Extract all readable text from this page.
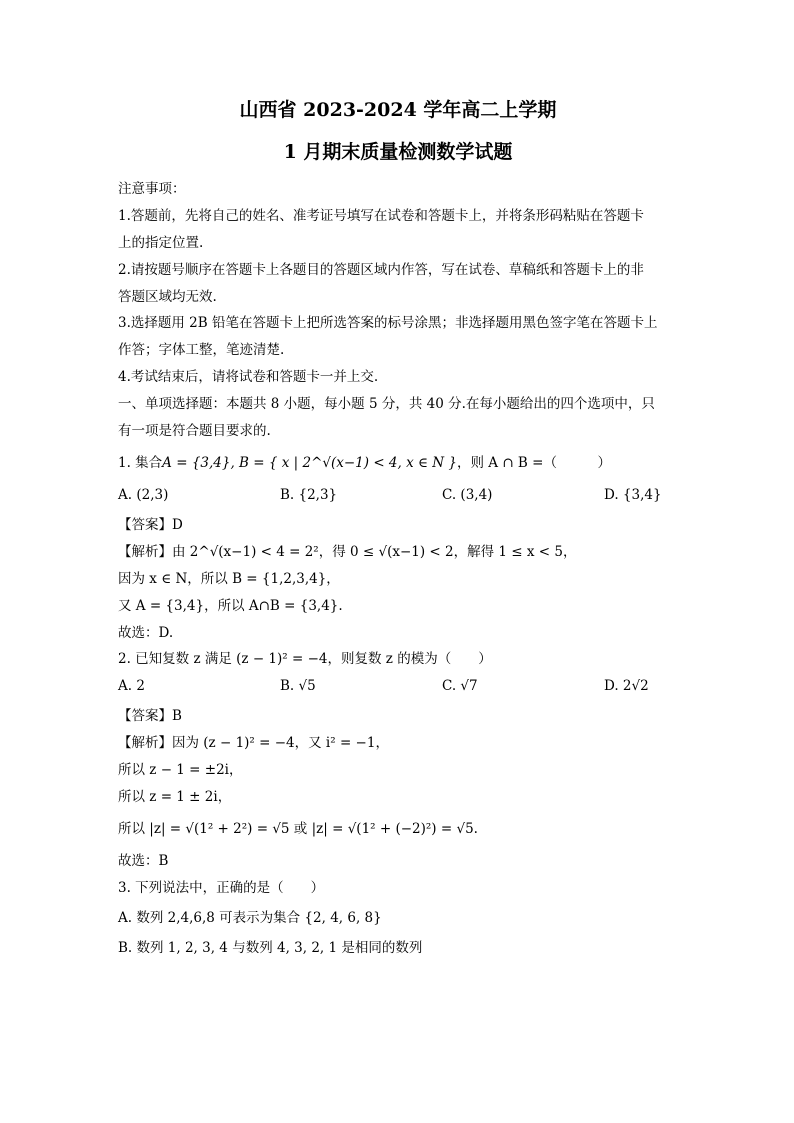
山西省 2023-2024 学年高二上学期

1 月期末质量检测数学试题

注意事项：

1.答题前，先将自己的姓名、准考证号填写在试卷和答题卡上，并将条形码粘贴在答题卡

上的指定位置.

2.请按题号顺序在答题卡上各题目的答题区域内作答，写在试卷、草稿纸和答题卡上的非

答题区域均无效.

3.选择题用 2B 铅笔在答题卡上把所选答案的标号涂黑；非选择题用黑色签字笔在答题卡上

作答；字体工整，笔迹清楚.

4.考试结束后，请将试卷和答题卡一并上交.

一、单项选择题：本题共 8 小题，每小题 5 分，共 40 分.在每小题给出的四个选项中，只

有一项是符合题目要求的.

1. 集合A = {3,4}, B = { x | 2^√(x−1) < 4, x ∈ N }，则 A ∩ B =（　　　）

A. (2,3)	B. {2,3}	C. (3,4)	D. {3,4}

【答案】D

【解析】由 2^√(x−1) < 4 = 2²，得 0 ≤ √(x−1) < 2，解得 1 ≤ x < 5，

因为 x ∈ N，所以 B = {1,2,3,4}，

又 A = {3,4}，所以 A∩B = {3,4}.

故选：D.

2. 已知复数 z 满足 (z − 1)² = −4，则复数 z 的模为（　　）

A. 2	B. √5	C. √7	D. 2√2

【答案】B

【解析】因为 (z − 1)² = −4，又 i² = −1，

所以 z − 1 = ±2i，

所以 z = 1 ± 2i，

所以 |z| = √(1² + 2²) = √5 或 |z| = √(1² + (−2)²) = √5.

故选：B

3. 下列说法中，正确的是（　　）

A. 数列 2,4,6,8 可表示为集合 {2, 4, 6, 8}

B. 数列 1, 2, 3, 4 与数列 4, 3, 2, 1 是相同的数列
